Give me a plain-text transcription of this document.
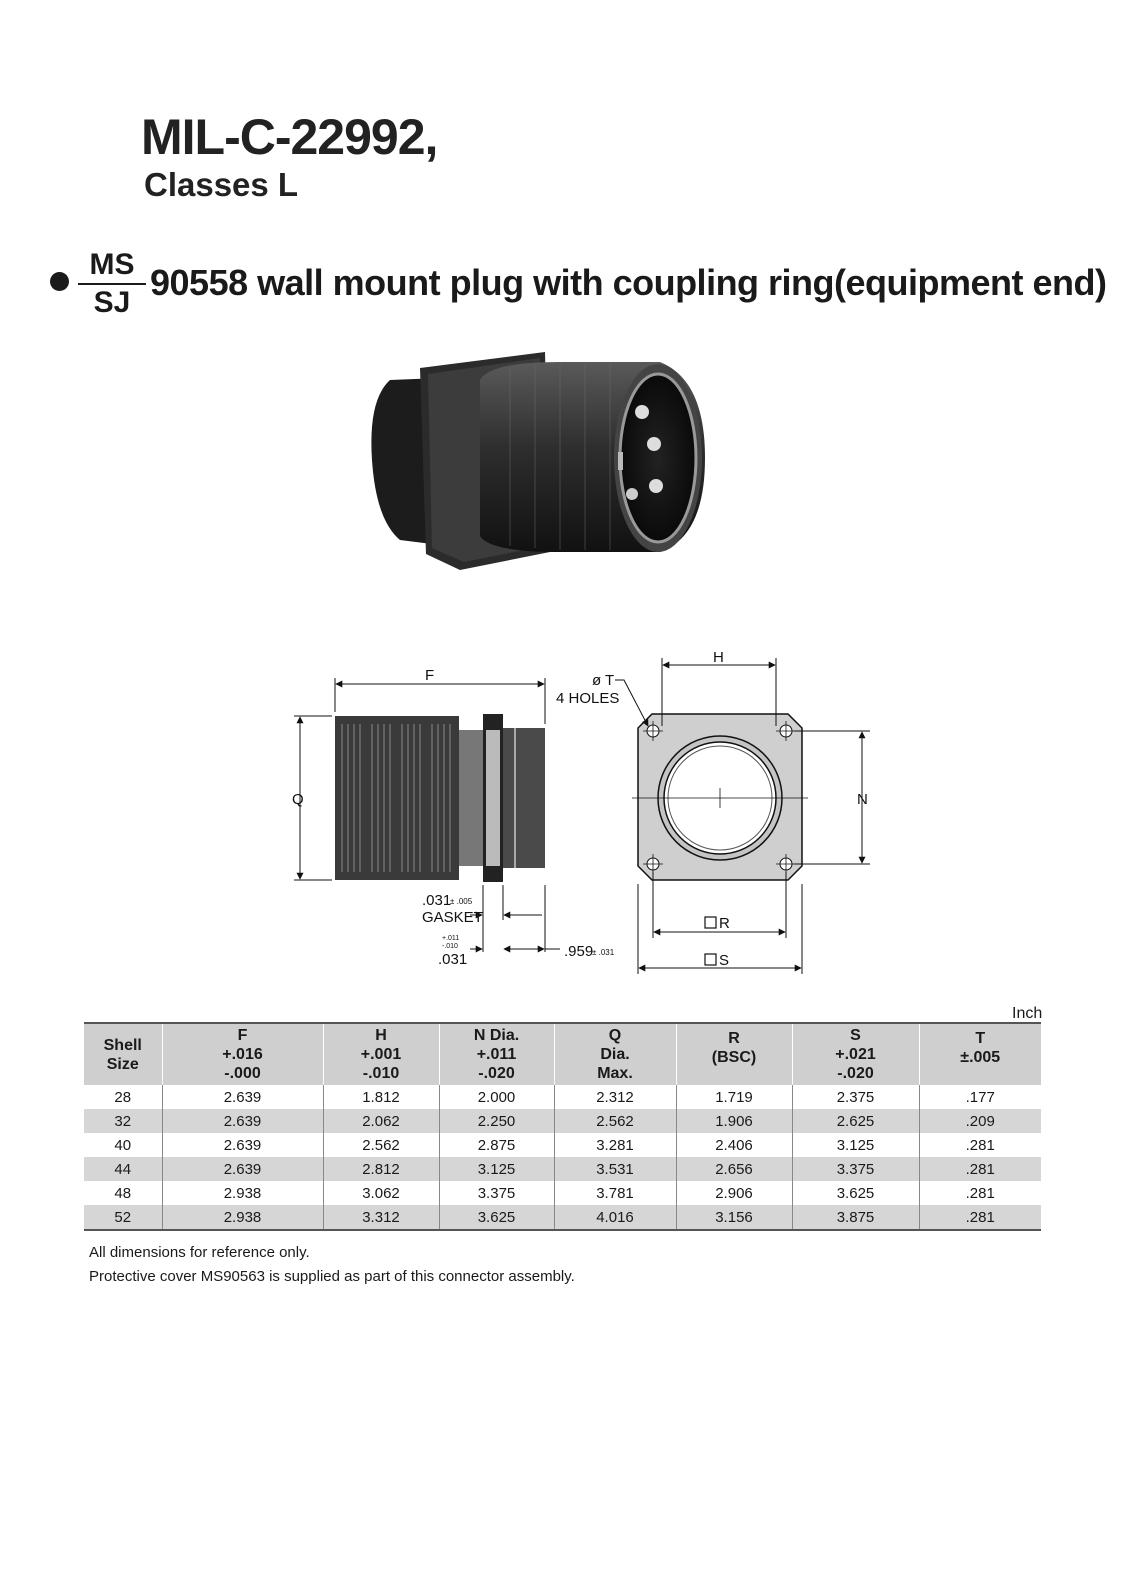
MIL-C-22992,
Classes L
$\frac{MS}{SJ} 90558$ wall mount plug with coupling ring(equipment end)
F
Q
.031
± .005
GASKET
+.011
-.010
.031	.959
± .031
H
ø T
4 HOLES
N
R
S
Inch
Shell
Size	F
+.016
-.000	H
+.001
-.010	N Dia.
+.011
-.020	Q
Dia.
Max.	R
(BSC)	S
+.021
-.020	T
±.005
28	2.639	1.812	2.000	2.312	1.719	2.375	.177
32	2.639	2.062	2.250	2.562	1.906	2.625	.209
40	2.639	2.562	2.875	3.281	2.406	3.125	.281
44	2.639	2.812	3.125	3.531	2.656	3.375	.281
48	2.938	3.062	3.375	3.781	2.906	3.625	.281
52	2.938	3.312	3.625	4.016	3.156	3.875	.281
All dimensions for reference only.
Protective cover MS90563 is supplied as part of this connector assembly.
